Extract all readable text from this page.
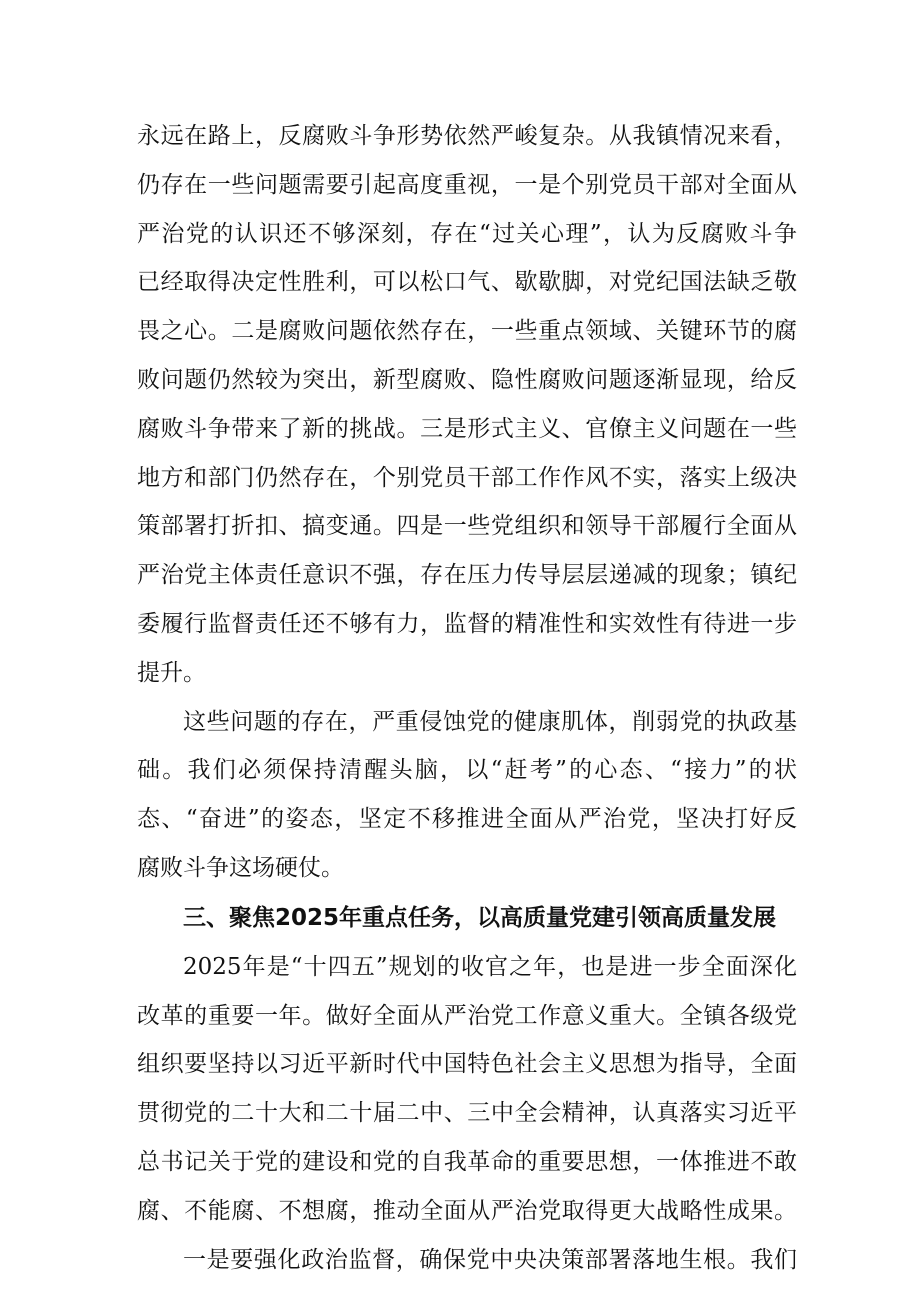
永远在路上，反腐败斗争形势依然严峻复杂。从我镇情况来看，
仍存在一些问题需要引起高度重视，一是个别党员干部对全面从
严治党的认识还不够深刻，存在“过关心理”，认为反腐败斗争
已经取得决定性胜利，可以松口气、歇歇脚，对党纪国法缺乏敬
畏之心。二是腐败问题依然存在，一些重点领域、关键环节的腐
败问题仍然较为突出，新型腐败、隐性腐败问题逐渐显现，给反
腐败斗争带来了新的挑战。三是形式主义、官僚主义问题在一些
地方和部门仍然存在，个别党员干部工作作风不实，落实上级决
策部署打折扣、搞变通。四是一些党组织和领导干部履行全面从
严治党主体责任意识不强，存在压力传导层层递减的现象；镇纪
委履行监督责任还不够有力，监督的精准性和实效性有待进一步
提升。
这些问题的存在，严重侵蚀党的健康肌体，削弱党的执政基
础。我们必须保持清醒头脑，以“赶考”的心态、“接力”的状
态、“奋进”的姿态，坚定不移推进全面从严治党，坚决打好反
腐败斗争这场硬仗。
三、聚焦2025年重点任务，以高质量党建引领高质量发展
2025年是“十四五”规划的收官之年，也是进一步全面深化
改革的重要一年。做好全面从严治党工作意义重大。全镇各级党
组织要坚持以习近平新时代中国特色社会主义思想为指导，全面
贯彻党的二十大和二十届二中、三中全会精神，认真落实习近平
总书记关于党的建设和党的自我革命的重要思想，一体推进不敢
腐、不能腐、不想腐，推动全面从严治党取得更大战略性成果。
一是要强化政治监督，确保党中央决策部署落地生根。我们
